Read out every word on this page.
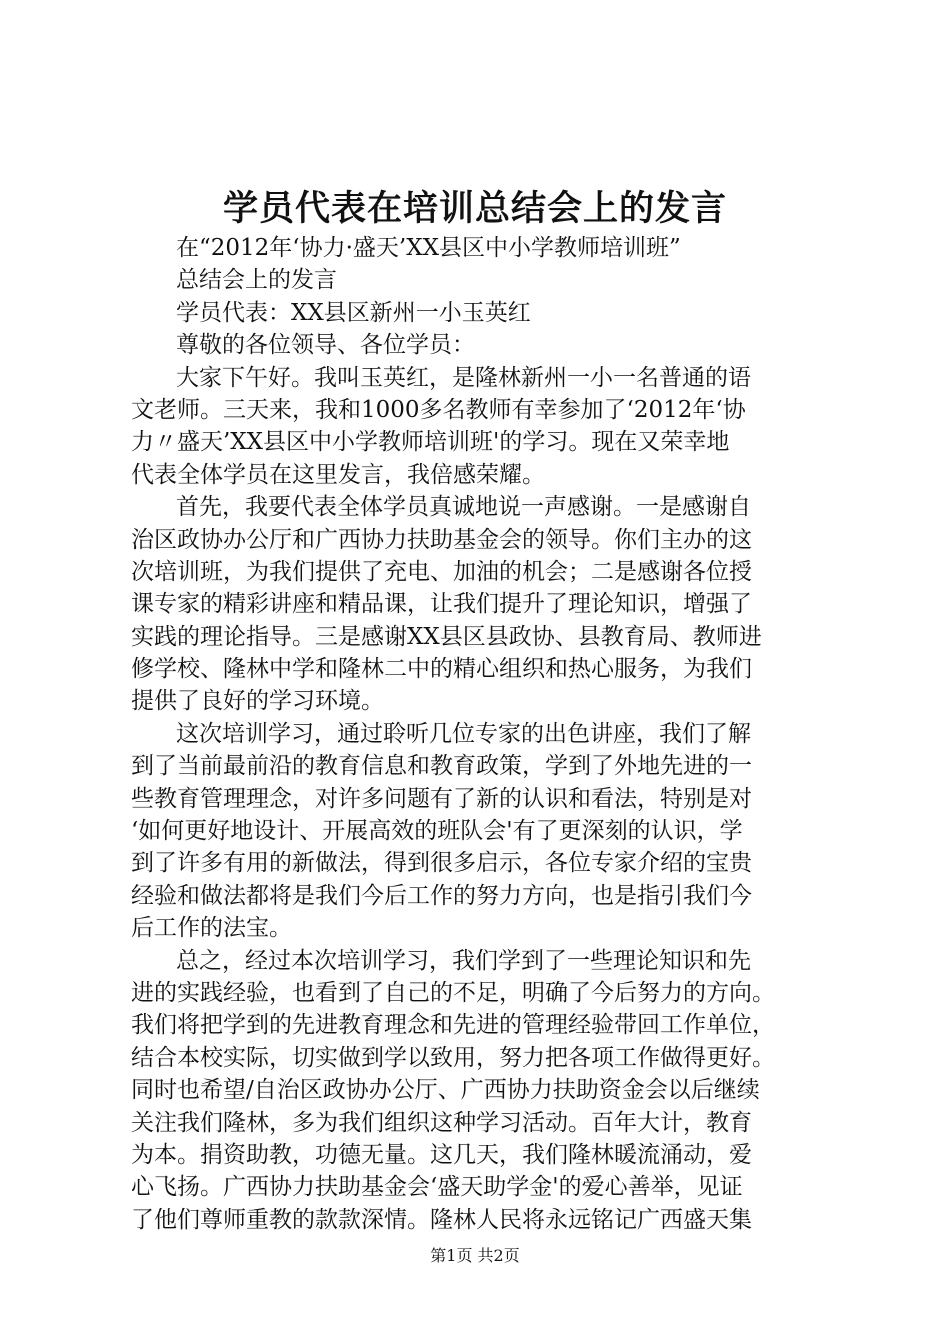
学员代表在培训总结会上的发言
在“2012年‘协力·盛天’XX县区中小学教师培训班”
总结会上的发言
学员代表：XX县区新州一小玉英红
尊敬的各位领导、各位学员：
大家下午好。我叫玉英红，是隆林新州一小一名普通的语
文老师。三天来，我和1000多名教师有幸参加了‘2012年‘协
力〃盛天’XX县区中小学教师培训班'的学习。现在又荣幸地
代表全体学员在这里发言，我倍感荣耀。
首先，我要代表全体学员真诚地说一声感谢。一是感谢自
治区政协办公厅和广西协力扶助基金会的领导。你们主办的这
次培训班，为我们提供了充电、加油的机会；二是感谢各位授
课专家的精彩讲座和精品课，让我们提升了理论知识，增强了
实践的理论指导。三是感谢XX县区县政协、县教育局、教师进
修学校、隆林中学和隆林二中的精心组织和热心服务，为我们
提供了良好的学习环境。
这次培训学习，通过聆听几位专家的出色讲座，我们了解
到了当前最前沿的教育信息和教育政策，学到了外地先进的一
些教育管理理念，对许多问题有了新的认识和看法，特别是对
‘如何更好地设计、开展高效的班队会'有了更深刻的认识，学
到了许多有用的新做法，得到很多启示，各位专家介绍的宝贵
经验和做法都将是我们今后工作的努力方向，也是指引我们今
后工作的法宝。
总之，经过本次培训学习，我们学到了一些理论知识和先
进的实践经验，也看到了自己的不足，明确了今后努力的方向。
我们将把学到的先进教育理念和先进的管理经验带回工作单位，
结合本校实际，切实做到学以致用，努力把各项工作做得更好。
同时也希望/自治区政协办公厅、广西协力扶助资金会以后继续
关注我们隆林，多为我们组织这种学习活动。百年大计，教育
为本。捐资助教，功德无量。这几天，我们隆林暖流涌动，爱
心飞扬。广西协力扶助基金会‘盛天助学金'的爱心善举，见证
了他们尊师重教的款款深情。隆林人民将永远铭记广西盛天集
第1页 共2页
